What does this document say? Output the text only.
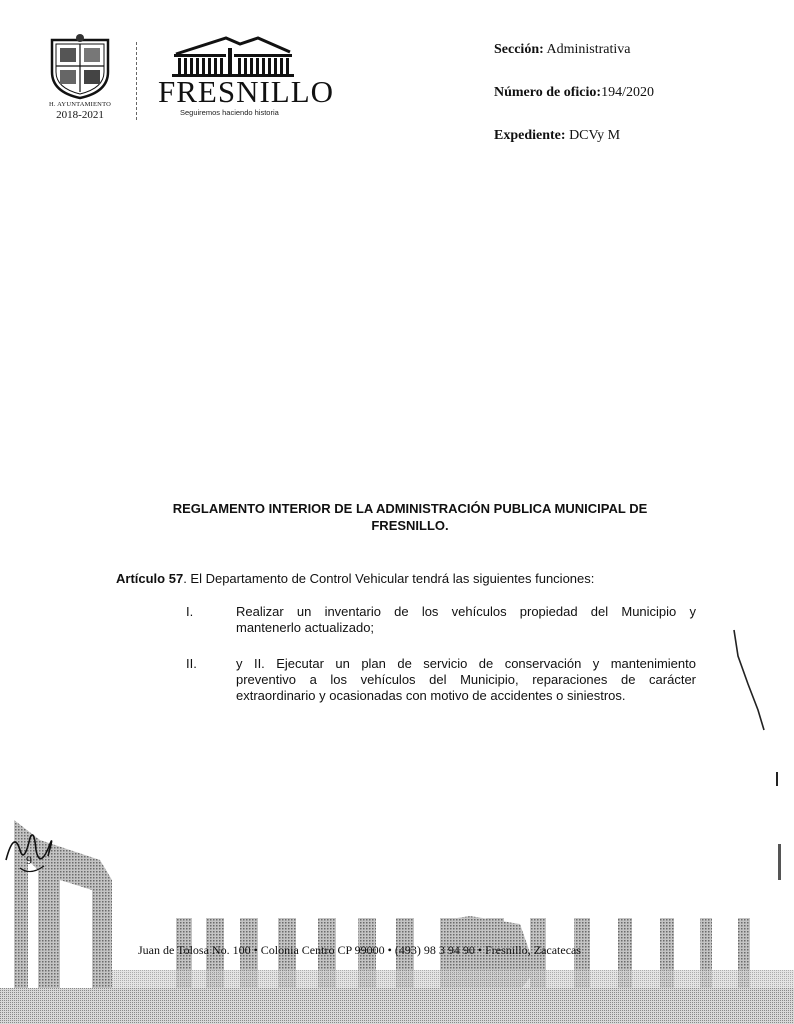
H. AYUNTAMIENTO
2018-2021
FRESNILLO
Seguiremos haciendo historia
Sección: Administrativa
Número de oficio:194/2020
Expediente: DCVy M
REGLAMENTO INTERIOR DE LA ADMINISTRACIÓN PUBLICA MUNICIPAL DE
FRESNILLO.
Artículo 57. El Departamento de Control Vehicular tendrá las siguientes funciones:
I.	Realizar un inventario de los vehículos propiedad del Municipio y
mantenerlo actualizado;
II.	y II. Ejecutar un plan de servicio de conservación y mantenimiento
preventivo a los vehículos del Municipio, reparaciones de carácter
extraordinario y ocasionadas con motivo de accidentes o siniestros.
Juan de Tolosa No. 100 • Colonia Centro CP 99000 • (493) 98 3 94 90 • Fresnillo, Zacatecas
9
